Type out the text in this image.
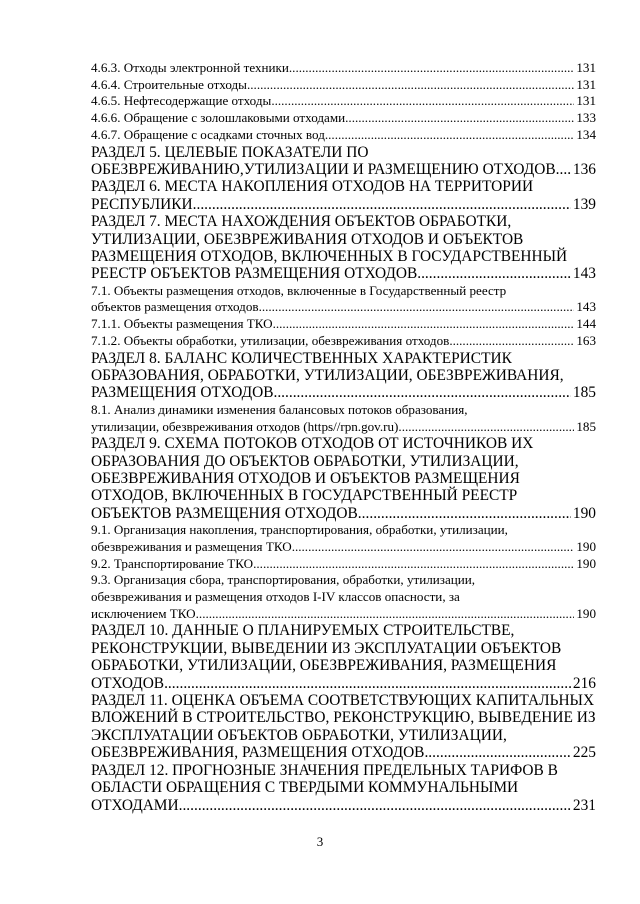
4.6.3. Отходы электронной техники. .....	131
4.6.4. Строительные отходы. .....	131
4.6.5. Нефтесодержащие отходы. .....	131
4.6.6. Обращение с золошлаковыми отходами. .....	133
4.6.7. Обращение с осадками сточных вод. .....	134
РАЗДЕЛ 5. ЦЕЛЕВЫЕ ПОКАЗАТЕЛИ ПО
ОБЕЗВРЕЖИВАНИЮ,УТИЛИЗАЦИИ И РАЗМЕЩЕНИЮ ОТХОДОВ ..... 136
РАЗДЕЛ 6. МЕСТА НАКОПЛЕНИЯ ОТХОДОВ НА ТЕРРИТОРИИ
РЕСПУБЛИКИ .....	139
РАЗДЕЛ 7. МЕСТА НАХОЖДЕНИЯ ОБЪЕКТОВ ОБРАБОТКИ,
УТИЛИЗАЦИИ, ОБЕЗВРЕЖИВАНИЯ ОТХОДОВ И ОБЪЕКТОВ
РАЗМЕЩЕНИЯ ОТХОДОВ, ВКЛЮЧЕННЫХ В ГОСУДАРСТВЕННЫЙ
РЕЕСТР ОБЪЕКТОВ РАЗМЕЩЕНИЯ ОТХОДОВ .....	143
7.1. Объекты размещения отходов, включенные в Государственный реестр
объектов размещения отходов .....	143
7.1.1. Объекты размещения ТКО .....	144
7.1.2. Объекты обработки, утилизации, обезвреживания отходов .....	163
РАЗДЕЛ 8. БАЛАНС КОЛИЧЕСТВЕННЫХ ХАРАКТЕРИСТИК
ОБРАЗОВАНИЯ, ОБРАБОТКИ, УТИЛИЗАЦИИ, ОБЕЗВРЕЖИВАНИЯ,
РАЗМЕЩЕНИЯ ОТХОДОВ .....	185
8.1. Анализ динамики изменения балансовых потоков образования,
утилизации, обезвреживания отходов (https//rpn.gov.ru) .....	185
РАЗДЕЛ 9. СХЕМА ПОТОКОВ ОТХОДОВ ОТ ИСТОЧНИКОВ ИХ
ОБРАЗОВАНИЯ ДО ОБЪЕКТОВ ОБРАБОТКИ, УТИЛИЗАЦИИ,
ОБЕЗВРЕЖИВАНИЯ ОТХОДОВ И ОБЪЕКТОВ РАЗМЕЩЕНИЯ
ОТХОДОВ, ВКЛЮЧЕННЫХ В ГОСУДАРСТВЕННЫЙ РЕЕСТР
ОБЪЕКТОВ РАЗМЕЩЕНИЯ ОТХОДОВ .....	190
9.1. Организация накопления, транспортирования, обработки, утилизации,
обезвреживания и размещения ТКО .....	190
9.2. Транспортирование ТКО .....	190
9.3. Организация сбора, транспортирования, обработки, утилизации,
обезвреживания и размещения отходов I-IV классов опасности, за
исключением ТКО .....	190
РАЗДЕЛ 10. ДАННЫЕ О ПЛАНИРУЕМЫХ СТРОИТЕЛЬСТВЕ,
РЕКОНСТРУКЦИИ, ВЫВЕДЕНИИ ИЗ ЭКСПЛУАТАЦИИ ОБЪЕКТОВ
ОБРАБОТКИ, УТИЛИЗАЦИИ, ОБЕЗВРЕЖИВАНИЯ, РАЗМЕЩЕНИЯ
ОТХОДОВ .....	216
РАЗДЕЛ 11. ОЦЕНКА ОБЪЕМА СООТВЕТСТВУЮЩИХ КАПИТАЛЬНЫХ
ВЛОЖЕНИЙ В СТРОИТЕЛЬСТВО, РЕКОНСТРУКЦИЮ, ВЫВЕДЕНИЕ ИЗ
ЭКСПЛУАТАЦИИ ОБЪЕКТОВ ОБРАБОТКИ, УТИЛИЗАЦИИ,
ОБЕЗВРЕЖИВАНИЯ, РАЗМЕЩЕНИЯ ОТХОДОВ .....	225
РАЗДЕЛ 12. ПРОГНОЗНЫЕ ЗНАЧЕНИЯ ПРЕДЕЛЬНЫХ ТАРИФОВ В
ОБЛАСТИ ОБРАЩЕНИЯ С ТВЕРДЫМИ КОММУНАЛЬНЫМИ
ОТХОДАМИ .....	231
3
